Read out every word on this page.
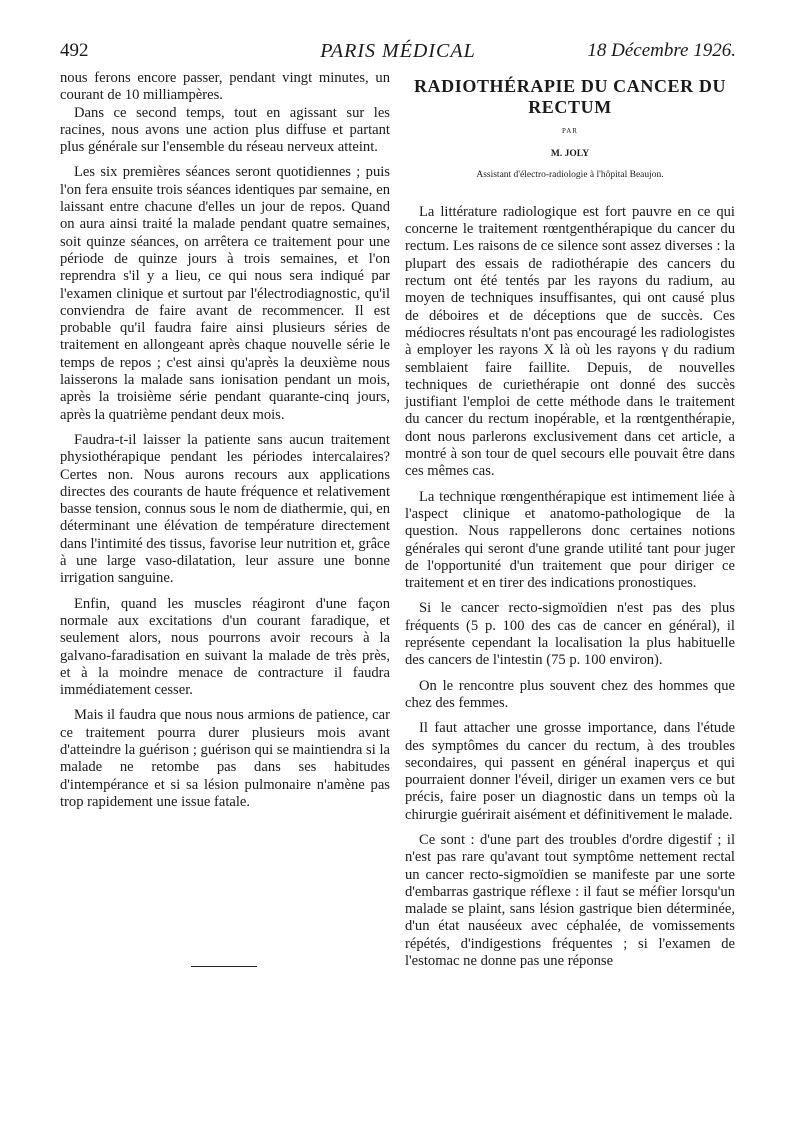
492	PARIS MÉDICAL	18 Décembre 1926.

nous ferons encore passer, pendant vingt minutes, un courant de 10 milliampères.

Dans ce second temps, tout en agissant sur les racines, nous avons une action plus diffuse et partant plus générale sur l'ensemble du réseau nerveux atteint.

Les six premières séances seront quotidiennes ; puis l'on fera ensuite trois séances identiques par semaine, en laissant entre chacune d'elles un jour de repos. Quand on aura ainsi traité la malade pendant quatre semaines, soit quinze séances, on arrêtera ce traitement pour une période de quinze jours à trois semaines, et l'on reprendra s'il y a lieu, ce qui nous sera indiqué par l'examen clinique et surtout par l'électrodiagnostic, qu'il conviendra de faire avant de recommencer. Il est probable qu'il faudra faire ainsi plusieurs séries de traitement en allongeant après chaque nouvelle série le temps de repos ; c'est ainsi qu'après la deuxième nous laisserons la malade sans ionisation pendant un mois, après la troisième série pendant quarante-cinq jours, après la quatrième pendant deux mois.

Faudra-t-il laisser la patiente sans aucun traitement physiothérapique pendant les périodes intercalaires? Certes non. Nous aurons recours aux applications directes des courants de haute fréquence et relativement basse tension, connus sous le nom de diathermie, qui, en déterminant une élévation de température directement dans l'intimité des tissus, favorise leur nutrition et, grâce à une large vaso-dilatation, leur assure une bonne irrigation sanguine.

Enfin, quand les muscles réagiront d'une façon normale aux excitations d'un courant faradique, et seulement alors, nous pourrons avoir recours à la galvano-faradisation en suivant la malade de très près, et à la moindre menace de contracture il faudra immédiatement cesser.

Mais il faudra que nous nous armions de patience, car ce traitement pourra durer plusieurs mois avant d'atteindre la guérison ; guérison qui se maintiendra si la malade ne retombe pas dans ses habitudes d'intempérance et si sa lésion pulmonaire n'amène pas trop rapidement une issue fatale.

RADIOTHÉRAPIE DU CANCER DU RECTUM
PAR
M. JOLY
Assistant d'électro-radiologie à l'hôpital Beaujon.

La littérature radiologique est fort pauvre en ce qui concerne le traitement rœntgenthérapique du cancer du rectum. Les raisons de ce silence sont assez diverses : la plupart des essais de radiothérapie des cancers du rectum ont été tentés par les rayons du radium, au moyen de techniques insuffisantes, qui ont causé plus de déboires et de déceptions que de succès. Ces médiocres résultats n'ont pas encouragé les radiologistes à employer les rayons X là où les rayons γ du radium semblaient faire faillite. Depuis, de nouvelles techniques de curiethérapie ont donné des succès justifiant l'emploi de cette méthode dans le traitement du cancer du rectum inopérable, et la rœntgenthérapie, dont nous parlerons exclusivement dans cet article, a montré à son tour de quel secours elle pouvait être dans ces mêmes cas.

La technique rœngenthérapique est intimement liée à l'aspect clinique et anatomo-pathologique de la question. Nous rappellerons donc certaines notions générales qui seront d'une grande utilité tant pour juger de l'opportunité d'un traitement que pour diriger ce traitement et en tirer des indications pronostiques.

Si le cancer recto-sigmoïdien n'est pas des plus fréquents (5 p. 100 des cas de cancer en général), il représente cependant la localisation la plus habituelle des cancers de l'intestin (75 p. 100 environ).

On le rencontre plus souvent chez des hommes que chez des femmes.

Il faut attacher une grosse importance, dans l'étude des symptômes du cancer du rectum, à des troubles secondaires, qui passent en général inaperçus et qui pourraient donner l'éveil, diriger un examen vers ce but précis, faire poser un diagnostic dans un temps où la chirurgie guérirait aisément et définitivement le malade.

Ce sont : d'une part des troubles d'ordre digestif ; il n'est pas rare qu'avant tout symptôme nettement rectal un cancer recto-sigmoïdien se manifeste par une sorte d'embarras gastrique réflexe : il faut se méfier lorsqu'un malade se plaint, sans lésion gastrique bien déterminée, d'un état nauséeux avec céphalée, de vomissements répétés, d'indigestions fréquentes ; si l'examen de l'estomac ne donne pas une réponse
